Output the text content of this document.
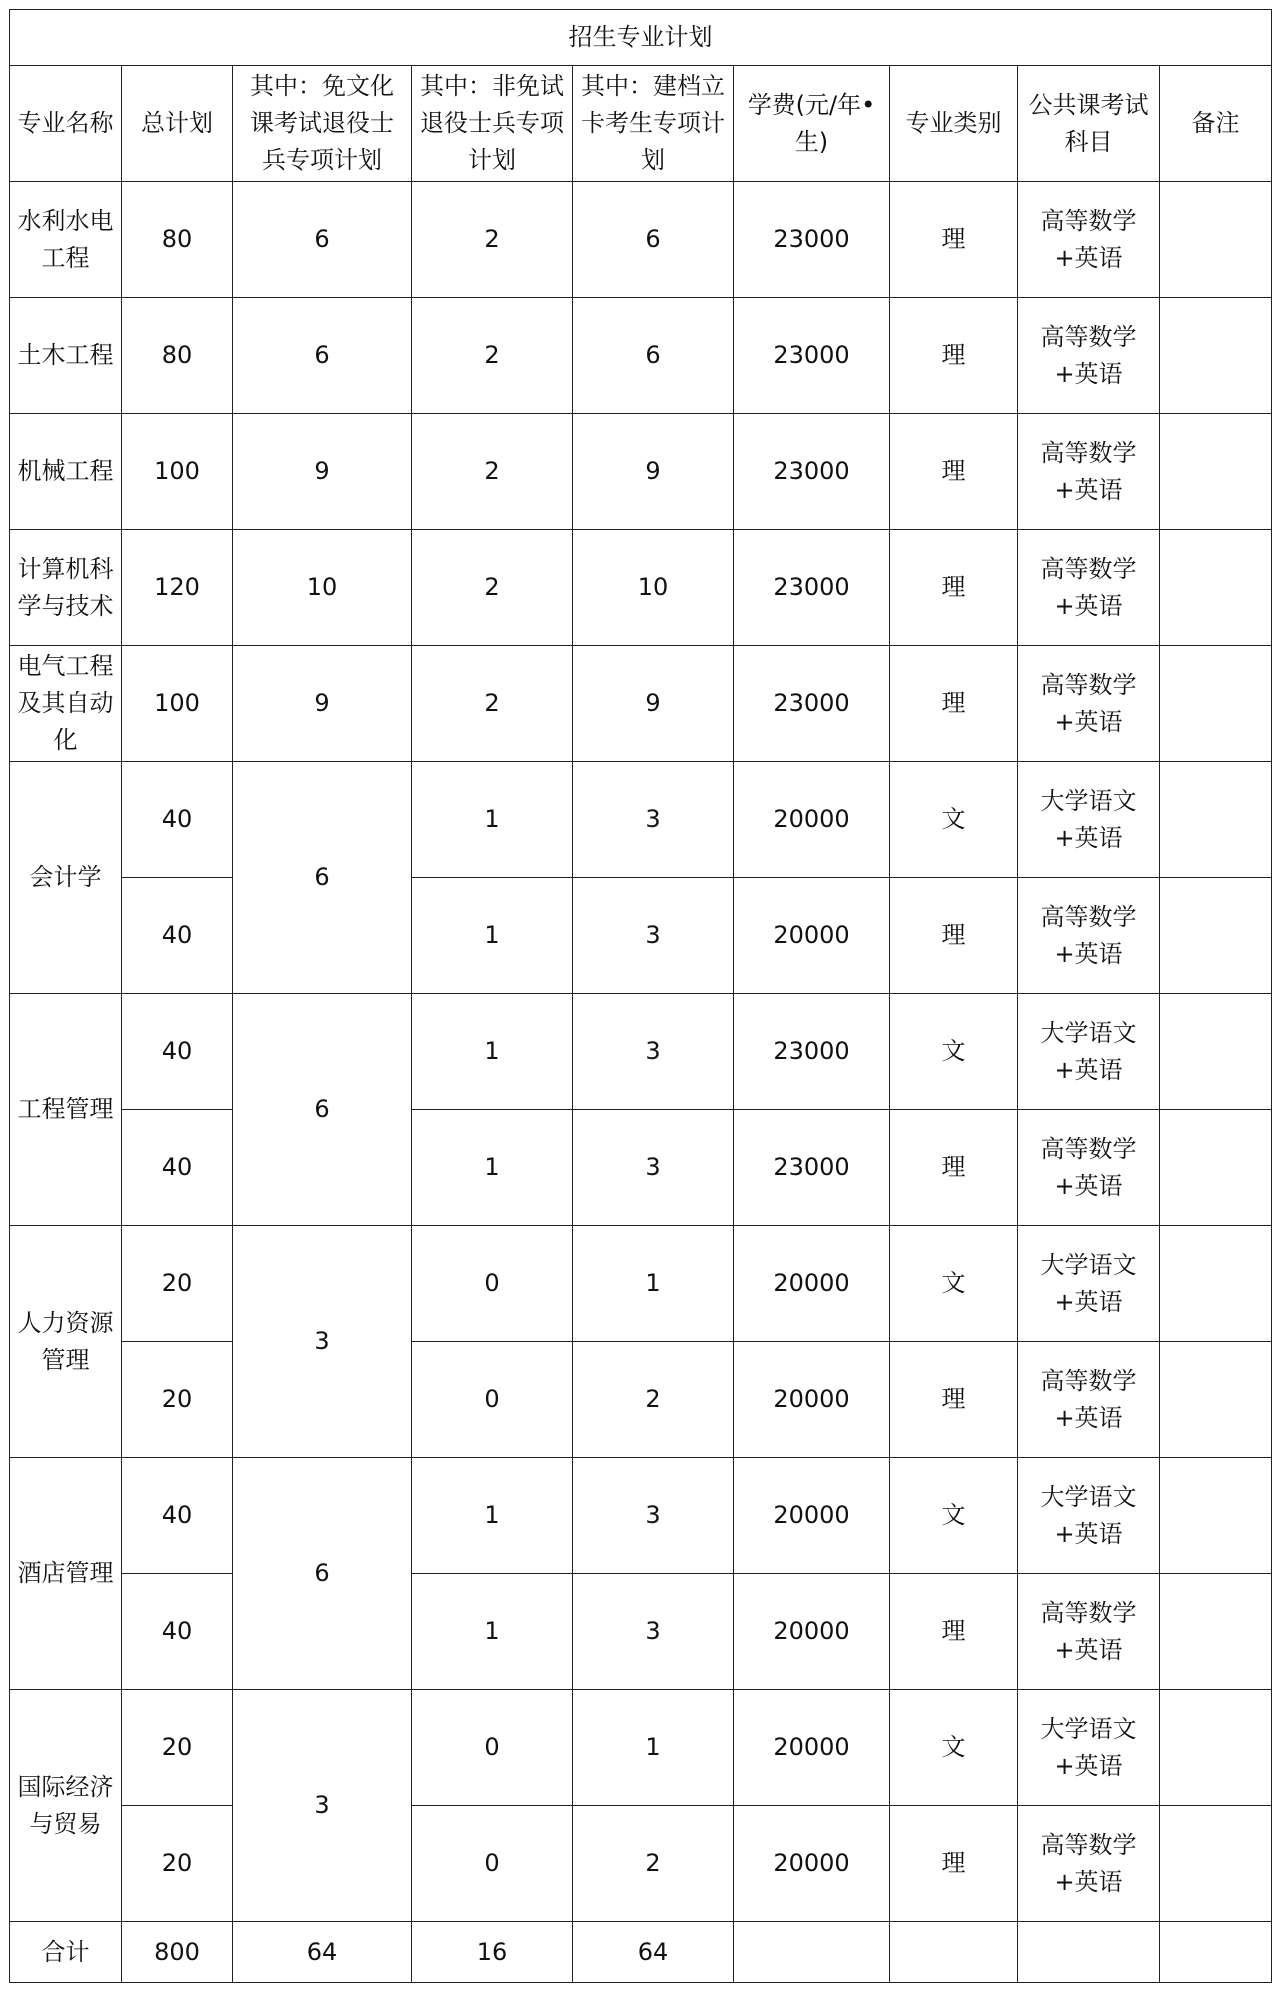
招生专业计划								
专业名称	总计划	其中：免文化课考试退役士兵专项计划	其中：非免试退役士兵专项计划	其中：建档立卡考生专项计划	学费(元/年•生)	专业类别	公共课考试科目	备注
水利水电工程	80	6	2	6	23000	理	高等数学+英语	
土木工程	80	6	2	6	23000	理	高等数学+英语	
机械工程	100	9	2	9	23000	理	高等数学+英语	
计算机科学与技术	120	10	2	10	23000	理	高等数学+英语	
电气工程及其自动化	100	9	2	9	23000	理	高等数学+英语	
会计学	40	6	1	3	20000	文	大学语文+英语	
	40		1	3	20000	理	高等数学+英语	
工程管理	40	6	1	3	23000	文	大学语文+英语	
	40		1	3	23000	理	高等数学+英语	
人力资源管理	20	3	0	1	20000	文	大学语文+英语	
	20		0	2	20000	理	高等数学+英语	
酒店管理	40	6	1	3	20000	文	大学语文+英语	
	40		1	3	20000	理	高等数学+英语	
国际经济与贸易	20	3	0	1	20000	文	大学语文+英语	
	20		0	2	20000	理	高等数学+英语	
合计	800	64	16	64				
